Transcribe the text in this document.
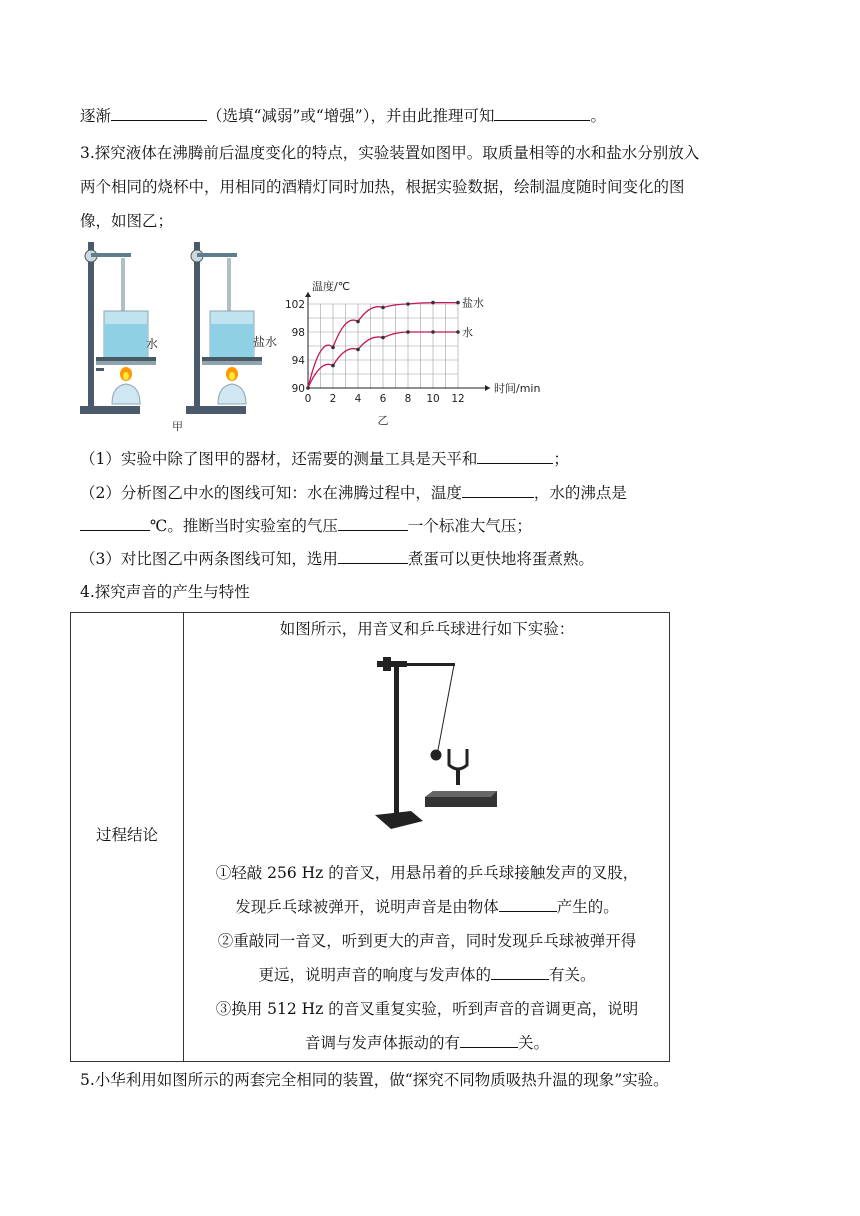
逐渐	（选填“减弱”或“增强”），并由此推理可知	。
3.探究液体在沸腾前后温度变化的特点，实验装置如图甲。取质量相等的水和盐水分别放入
两个相同的烧杯中，用相同的酒精灯同时加热，根据实验数据，绘制温度随时间变化的图
像，如图乙；
水
甲
盐水
0 2 4 6 8 10 12
90
94
98
102
温度/℃
时间/min
乙
盐水
水
（1）实验中除了图甲的器材，还需要的测量工具是天平和	；
（2）分析图乙中水的图线可知：水在沸腾过程中，温度	，水的沸点是
℃。推断当时实验室的气压	一个标准大气压；
（3）对比图乙中两条图线可知，选用	煮蛋可以更快地将蛋煮熟。
4.探究声音的产生与特性
过程结论
如图所示，用音叉和乒乓球进行如下实验：
①轻敲 256 Hz 的音叉，用悬吊着的乒乓球接触发声的叉股，
发现乒乓球被弹开，说明声音是由物体	产生的。
②重敲同一音叉，听到更大的声音，同时发现乒乓球被弹开得
更远，说明声音的响度与发声体的	有关。
③换用 512 Hz 的音叉重复实验，听到声音的音调更高，说明
音调与发声体振动的有	关。
5.小华利用如图所示的两套完全相同的装置，做“探究不同物质吸热升温的现象”实验。
